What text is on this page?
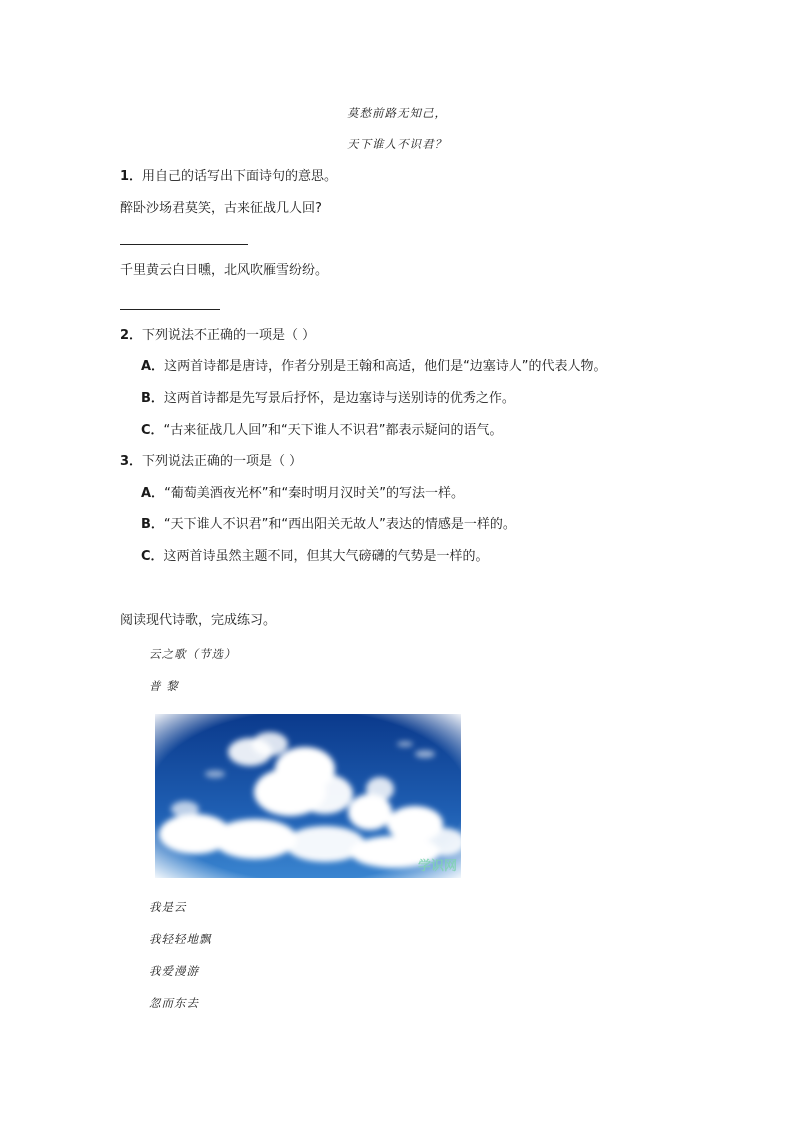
莫愁前路无知己，
天下谁人不识君？
1．用自己的话写出下面诗句的意思。
醉卧沙场君莫笑，古来征战几人回?
千里黄云白日曛，北风吹雁雪纷纷。
2．下列说法不正确的一项是（ ）
A．这两首诗都是唐诗，作者分别是王翰和高适，他们是“边塞诗人”的代表人物。
B．这两首诗都是先写景后抒怀，是边塞诗与送别诗的优秀之作。
C．“古来征战几人回”和“天下谁人不识君”都表示疑问的语气。
3．下列说法正确的一项是（ ）
A．“葡萄美酒夜光杯”和“秦时明月汉时关”的写法一样。
B．“天下谁人不识君”和“西出阳关无故人”表达的情感是一样的。
C．这两首诗虽然主题不同，但其大气磅礴的气势是一样的。
阅读现代诗歌，完成练习。
云之歌（节选）
普 黎
学识网
我是云
我轻轻地飘
我爱漫游
忽而东去
